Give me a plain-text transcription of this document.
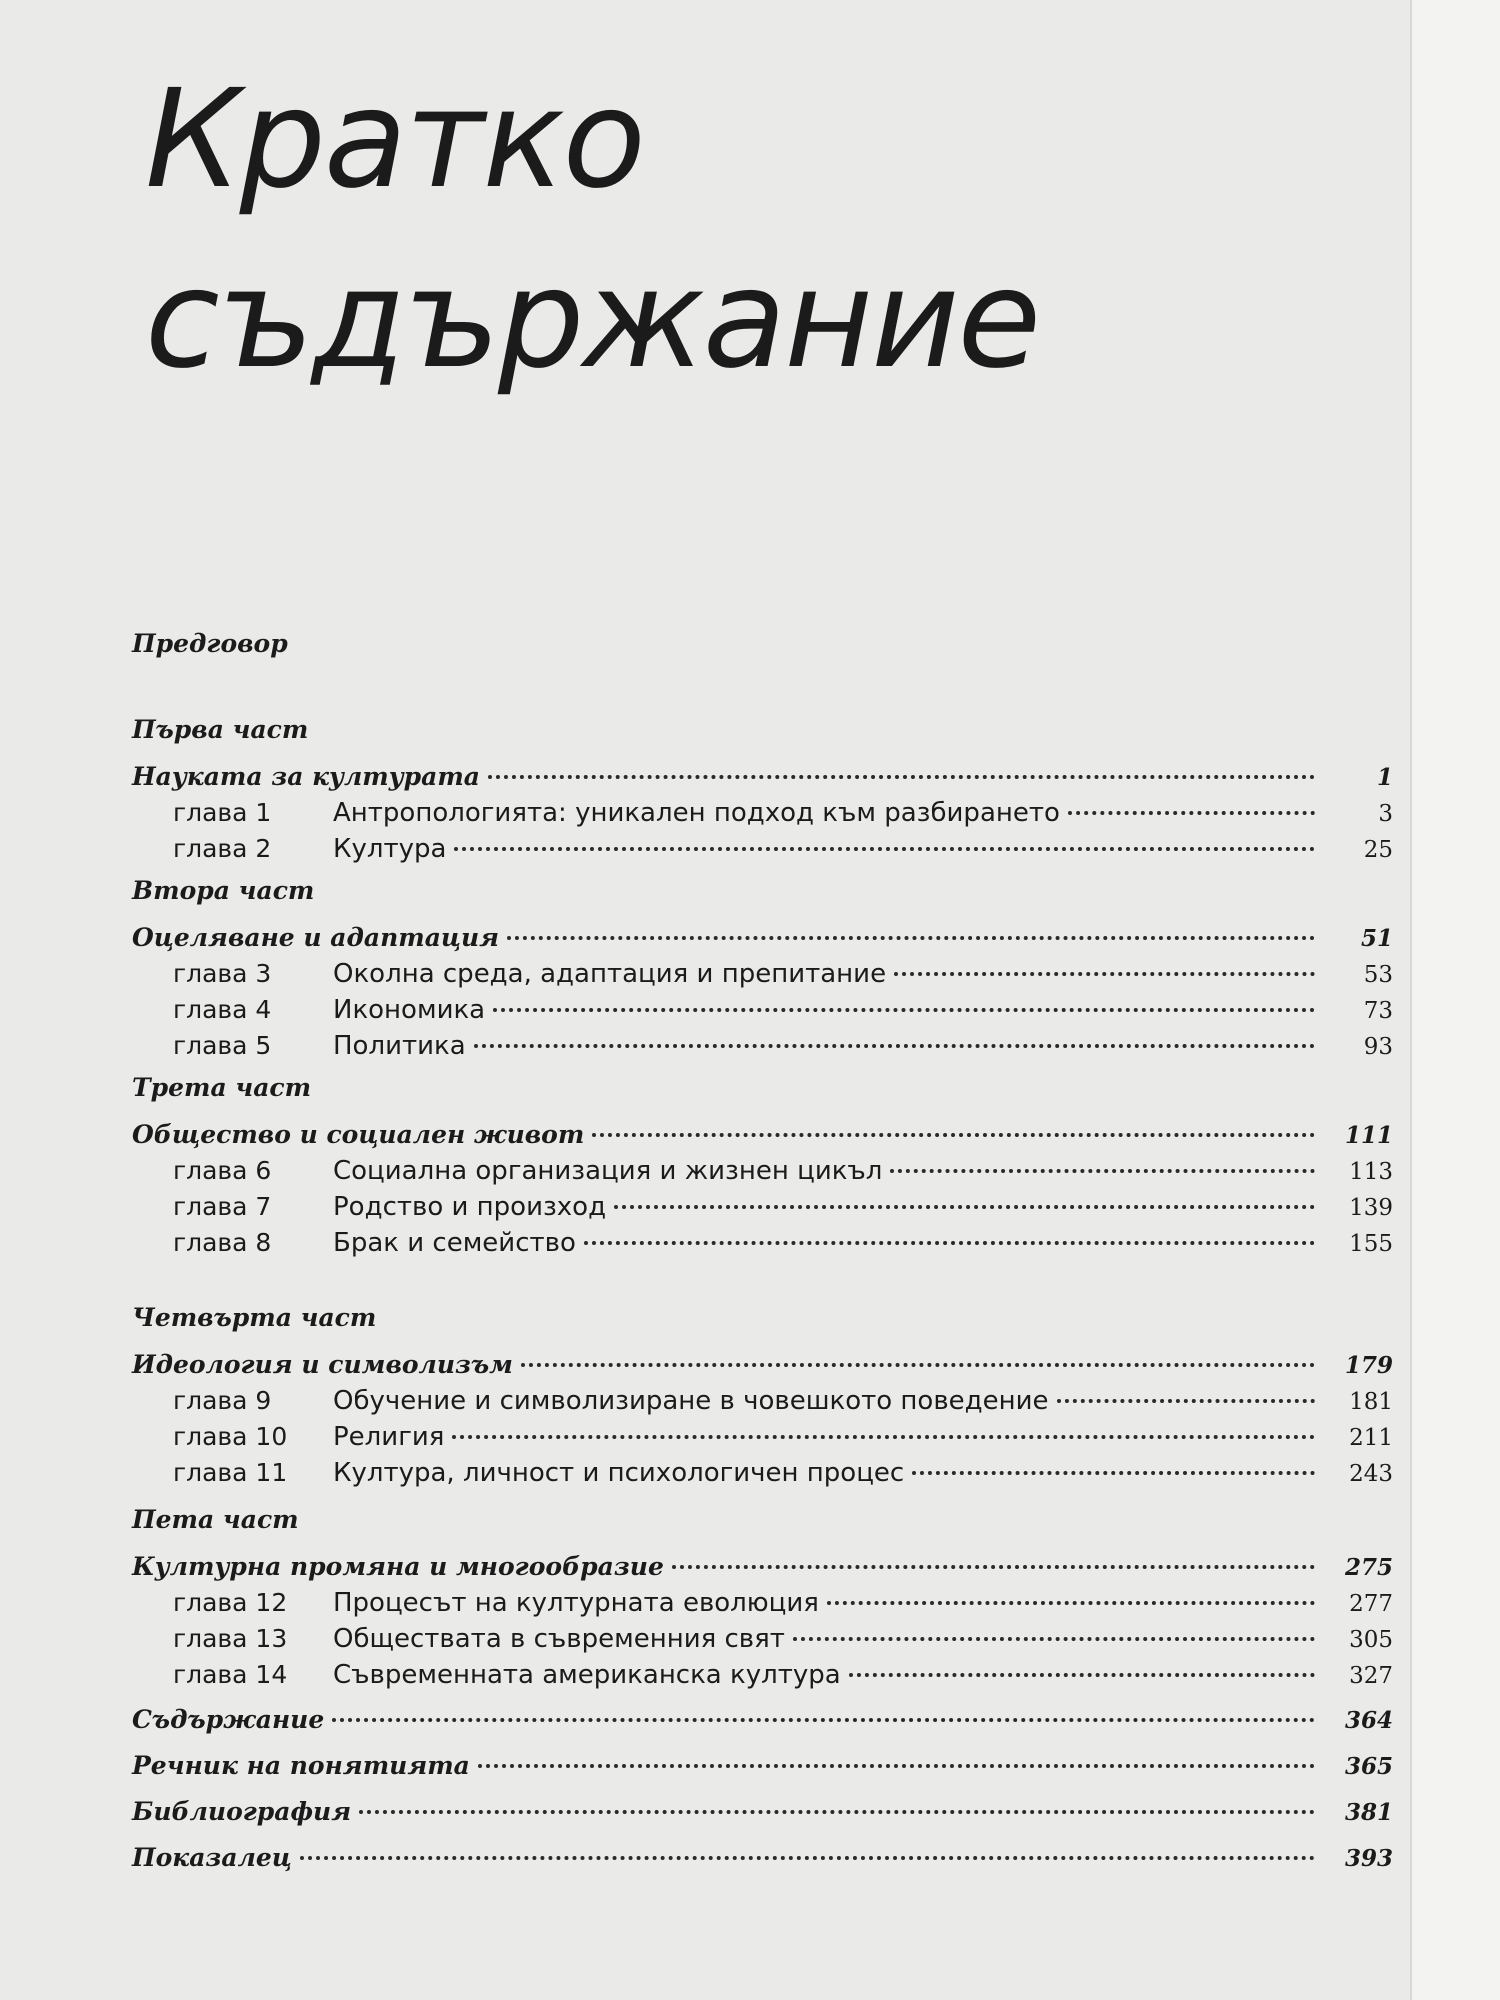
Кратко
съдържание
Предговор
Първа част
Науката за културата	1
глава 1 Антропологията: уникален подход към разбирането	3
глава 2 Култура	25
Втора част
Оцеляване и адаптация	51
глава 3 Околна среда, адаптация и препитание	53
глава 4 Икономика	73
глава 5 Политика	93
Трета част
Общество и социален живот	111
глава 6 Социална организация и жизнен цикъл	113
глава 7 Родство и произход	139
глава 8 Брак и семейство	155
Четвърта част
Идеология и символизъм	179
глава 9 Обучение и символизиране в човешкото поведение	181
глава 10 Религия	211
глава 11 Култура, личност и психологичен процес	243
Пета част
Културна промяна и многообразие	275
глава 12 Процесът на културната еволюция	277
глава 13 Обществата в съвременния свят	305
глава 14 Съвременната американска култура	327
Съдържание	364
Речник на понятията	365
Библиография	381
Показалец	393
